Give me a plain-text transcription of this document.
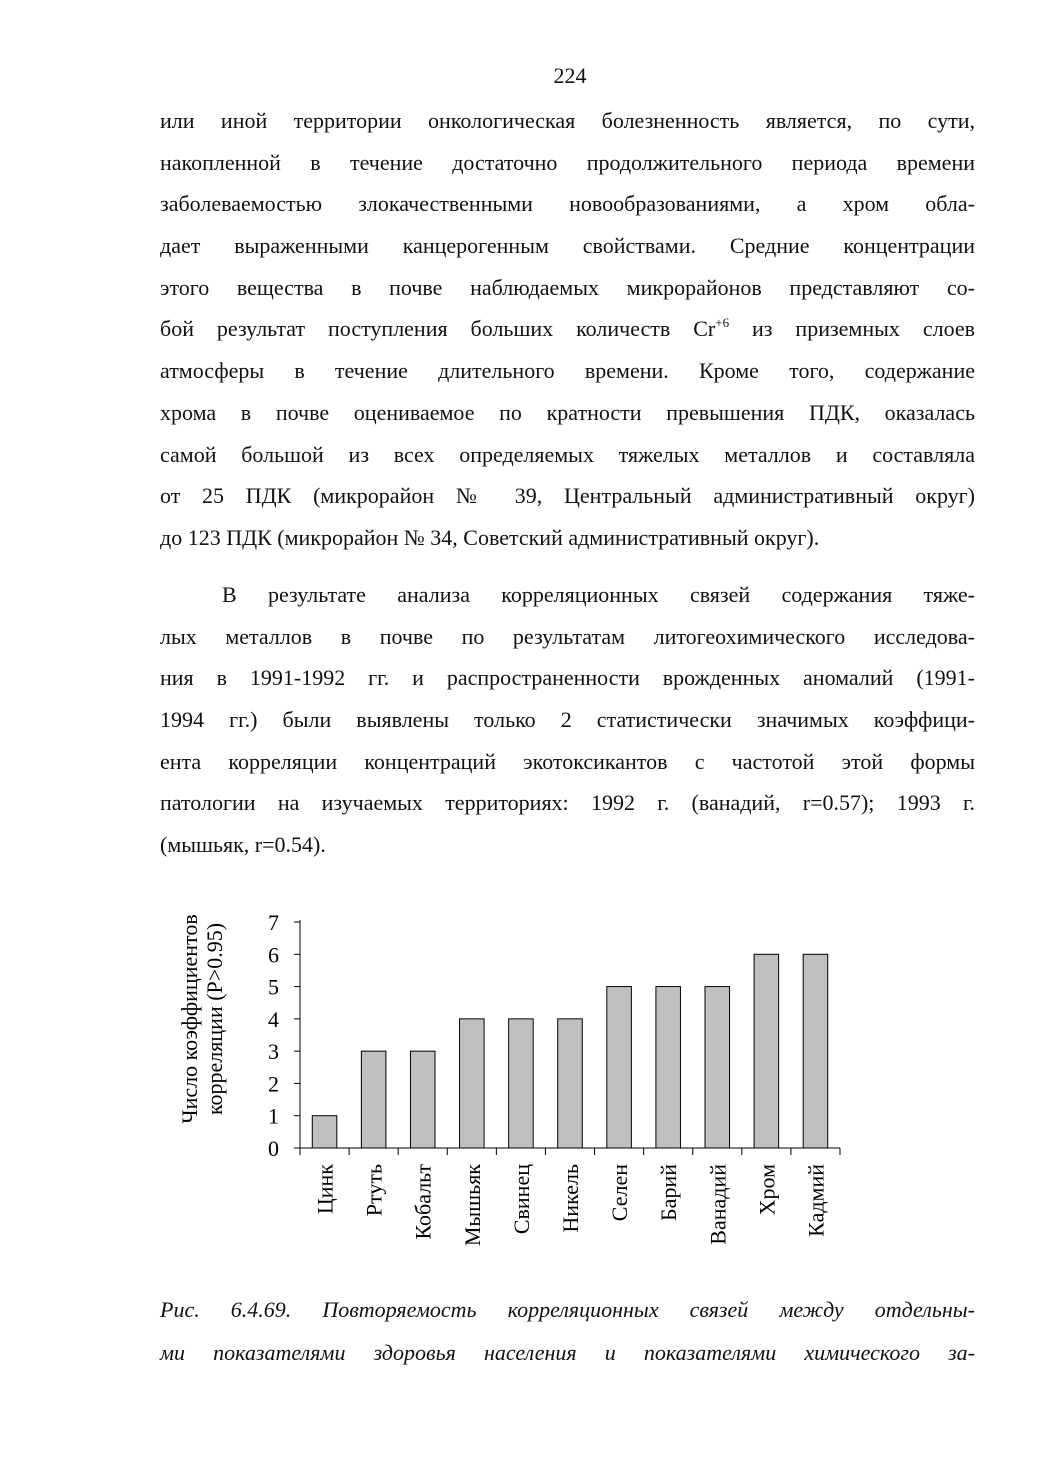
224
или иной территории онкологическая болезненность является, по сути,
накопленной в течение достаточно продолжительного периода времени
заболеваемостью злокачественными новообразованиями, а хром обла-
дает выраженными канцерогенным свойствами. Средние концентрации
этого вещества в почве наблюдаемых микрорайонов представляют со-
бой результат поступления больших количеств $Cr^{+6}$ из приземных слоев
атмосферы в течение длительного времени. Кроме того, содержание
хрома в почве оцениваемое по кратности превышения ПДК, оказалась
самой большой из всех определяемых тяжелых металлов и составляла
от 25 ПДК (микрорайон № 39, Центральный административный округ)
до 123 ПДК (микрорайон № 34, Советский административный округ).
В результате анализа корреляционных связей содержания тяже-
лых металлов в почве по результатам литогеохимического исследова-
ния в 1991-1992 гг. и распространенности врожденных аномалий (1991-
1994 гг.) были выявлены только 2 статистически значимых коэффици-
ента корреляции концентраций экотоксикантов с частотой этой формы
патологии на изучаемых территориях: 1992 г. (ванадий, r=0.57); 1993 г.
(мышьяк, r=0.54).
Число коэффициентов корреляции (P>0.95)
0
1
2
3
4
5
6
7
Цинк Ртуть Кобальт Мышьяк Свинец Никель Селен Барий Ванадий Хром Кадмий
Рис. 6.4.69. Повторяемость корреляционных связей между отдельны-
ми показателями здоровья населения и показателями химического за-
